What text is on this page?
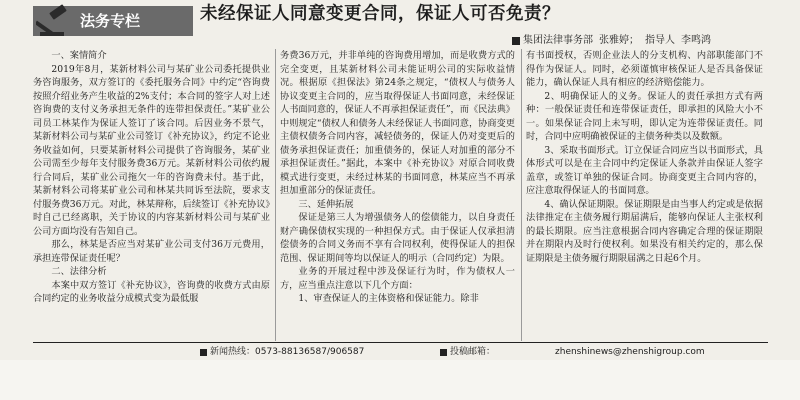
法务专栏	未经保证人同意变更合同，保证人可否免责？
集团法律事务部 张雅婷； 指导人 李鸣鸿

一、案情简介

2019年8月，某新材料公司与某矿业公司委托提供业务咨询服务，双方签订的《委托服务合同》中约定“咨询费按照介绍业务产生收益的2%支付；本合同的签字人对上述咨询费的支付义务承担无条件的连带担保责任。”某矿业公司员工林某作为保证人签订了该合同。后因业务不景气，某新材料公司与某矿业公司签订《补充协议》，约定不论业务收益如何，只要某新材料公司提供了咨询服务，某矿业公司需至少每年支付服务费36万元。某新材料公司依约履行合同后，某矿业公司拖欠一年的咨询费未付。基于此，某新材料公司将某矿业公司和林某共同诉至法院，要求支付服务费36万元。对此，林某辩称，后续签订《补充协议》时自己已经离职，关于协议的内容某新材料公司与某矿业公司方面均没有告知自己。

那么，林某是否应当对某矿业公司支付36万元费用，承担连带保证责任呢？

二、法律分析

本案中双方签订《补充协议》，咨询费的收费方式由原合同约定的业务收益分成模式变为最低服

务费36万元，并非单纯的咨询费用增加，而是收费方式的完全变更，且某新材料公司未能证明公司的实际收益情况。根据原《担保法》第24条之规定，“债权人与债务人协议变更主合同的，应当取得保证人书面同意，未经保证人书面同意的，保证人不再承担保证责任”，而《民法典》中则规定“债权人和债务人未经保证人书面同意，协商变更主债权债务合同内容，减轻债务的，保证人仍对变更后的债务承担保证责任；加重债务的，保证人对加重的部分不承担保证责任。”据此，本案中《补充协议》对原合同收费模式进行变更，未经过林某的书面同意，林某应当不再承担加重部分的保证责任。

三、延伸拓展

保证是第三人为增强债务人的偿债能力，以自身责任财产确保债权实现的一种担保方式。由于保证人仅承担清偿债务的合同义务而不享有合同权利，使得保证人的担保范围、保证期间等均以保证人的明示（合同约定）为限。

业务的开展过程中涉及保证行为时，作为债权人一方，应当重点注意以下几个方面：

1、审查保证人的主体资格和保证能力。除非

有书面授权，否则企业法人的分支机构、内部职能部门不得作为保证人。同时，必须谨慎审核保证人是否具备保证能力，确认保证人具有相应的经济赔偿能力。

2、明确保证人的义务。保证人的责任承担方式有两种：一般保证责任和连带保证责任，即承担的风险大小不一。如果保证合同上未写明，即认定为连带保证责任。同时，合同中应明确被保证的主债务种类以及数额。

3、采取书面形式。订立保证合同应当以书面形式，具体形式可以是在主合同中约定保证人条款并由保证人签字盖章，或签订单独的保证合同。协商变更主合同内容的，应注意取得保证人的书面同意。

4、确认保证期限。保证期限是由当事人约定或是依据法律推定在主债务履行期届满后，能够向保证人主张权利的最长期限。应当注意根据合同内容确定合理的保证期限并在期限内及时行使权利。如果没有相关约定的，那么保证期限是主债务履行期限届满之日起6个月。

新闻热线： 0573-88136587/906587	投稿邮箱：	zhenshinews@zhenshigroup.com
